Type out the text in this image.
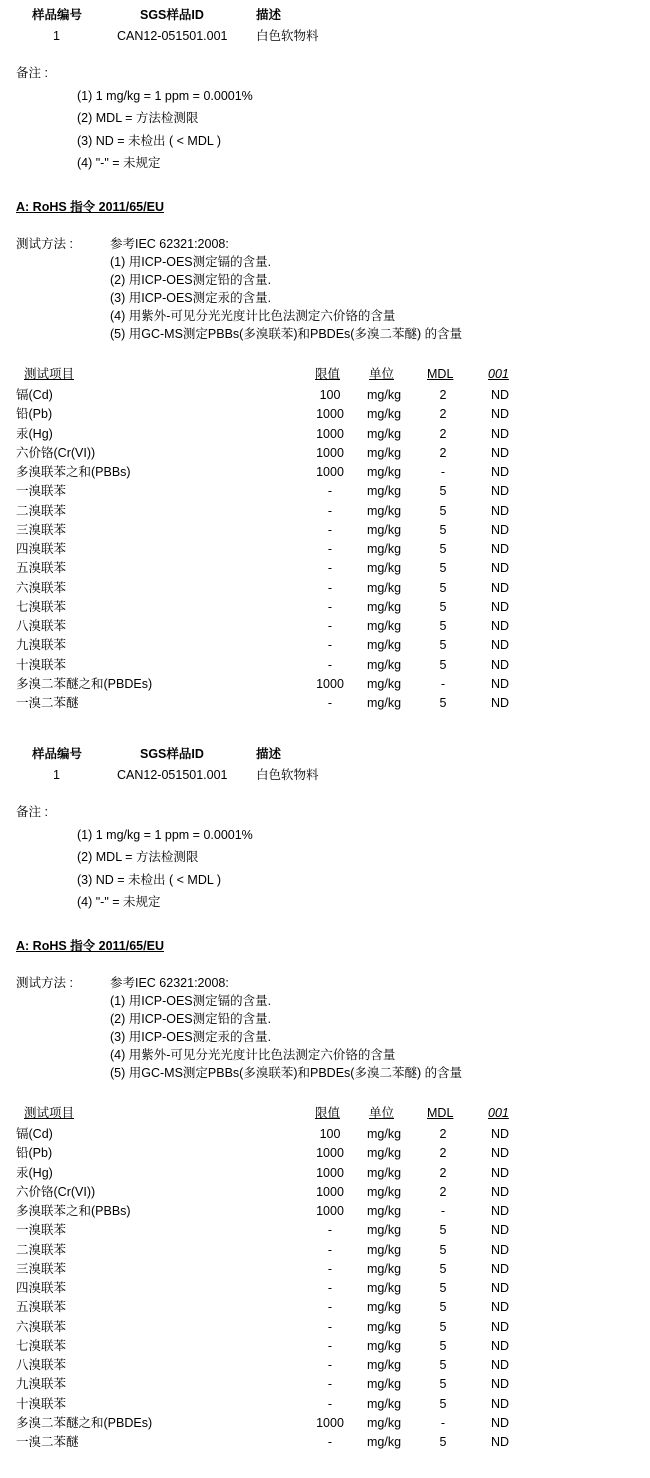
样品编号	SGS样品ID	描述
1	CAN12-051501.001 白色软物料
备注 :
(1) 1 mg/kg = 1 ppm = 0.0001%
(2) MDL = 方法检测限
(3) ND = 未检出 ( < MDL )
(4) "-" = 未规定
A: RoHS 指令 2011/65/EU
测试方法 :	参考IEC 62321:2008:
(1) 用ICP-OES测定镉的含量.
(2) 用ICP-OES测定铅的含量.
(3) 用ICP-OES测定汞的含量.
(4) 用紫外-可见分光光度计比色法测定六价铬的含量
(5) 用GC-MS测定PBBs(多溴联苯)和PBDEs(多溴二苯醚) 的含量
测试项目	限值 单位	MDL	001
镉(Cd)	100	mg/kg	2	ND
铅(Pb)	1000	mg/kg	2	ND
汞(Hg)	1000	mg/kg	2	ND
六价铬(Cr(VI))	1000	mg/kg	2	ND
多溴联苯之和(PBBs)	1000	mg/kg	-	ND
一溴联苯	-	mg/kg	5	ND
二溴联苯	-	mg/kg	5	ND
三溴联苯	-	mg/kg	5	ND
四溴联苯	-	mg/kg	5	ND
五溴联苯	-	mg/kg	5	ND
六溴联苯	-	mg/kg	5	ND
七溴联苯	-	mg/kg	5	ND
八溴联苯	-	mg/kg	5	ND
九溴联苯	-	mg/kg	5	ND
十溴联苯	-	mg/kg	5	ND
多溴二苯醚之和(PBDEs)	1000	mg/kg	-	ND
一溴二苯醚	-	mg/kg	5	ND
样品编号	SGS样品ID	描述
1	CAN12-051501.001 白色软物料
备注 :
(1) 1 mg/kg = 1 ppm = 0.0001%
(2) MDL = 方法检测限
(3) ND = 未检出 ( < MDL )
(4) "-" = 未规定
A: RoHS 指令 2011/65/EU
测试方法 :	参考IEC 62321:2008:
(1) 用ICP-OES测定镉的含量.
(2) 用ICP-OES测定铅的含量.
(3) 用ICP-OES测定汞的含量.
(4) 用紫外-可见分光光度计比色法测定六价铬的含量
(5) 用GC-MS测定PBBs(多溴联苯)和PBDEs(多溴二苯醚) 的含量
测试项目	限值 单位	MDL	001
镉(Cd)	100	mg/kg	2	ND
铅(Pb)	1000	mg/kg	2	ND
汞(Hg)	1000	mg/kg	2	ND
六价铬(Cr(VI))	1000	mg/kg	2	ND
多溴联苯之和(PBBs)	1000	mg/kg	-	ND
一溴联苯	-	mg/kg	5	ND
二溴联苯	-	mg/kg	5	ND
三溴联苯	-	mg/kg	5	ND
四溴联苯	-	mg/kg	5	ND
五溴联苯	-	mg/kg	5	ND
六溴联苯	-	mg/kg	5	ND
七溴联苯	-	mg/kg	5	ND
八溴联苯	-	mg/kg	5	ND
九溴联苯	-	mg/kg	5	ND
十溴联苯	-	mg/kg	5	ND
多溴二苯醚之和(PBDEs)	1000	mg/kg	-	ND
一溴二苯醚	-	mg/kg	5	ND
